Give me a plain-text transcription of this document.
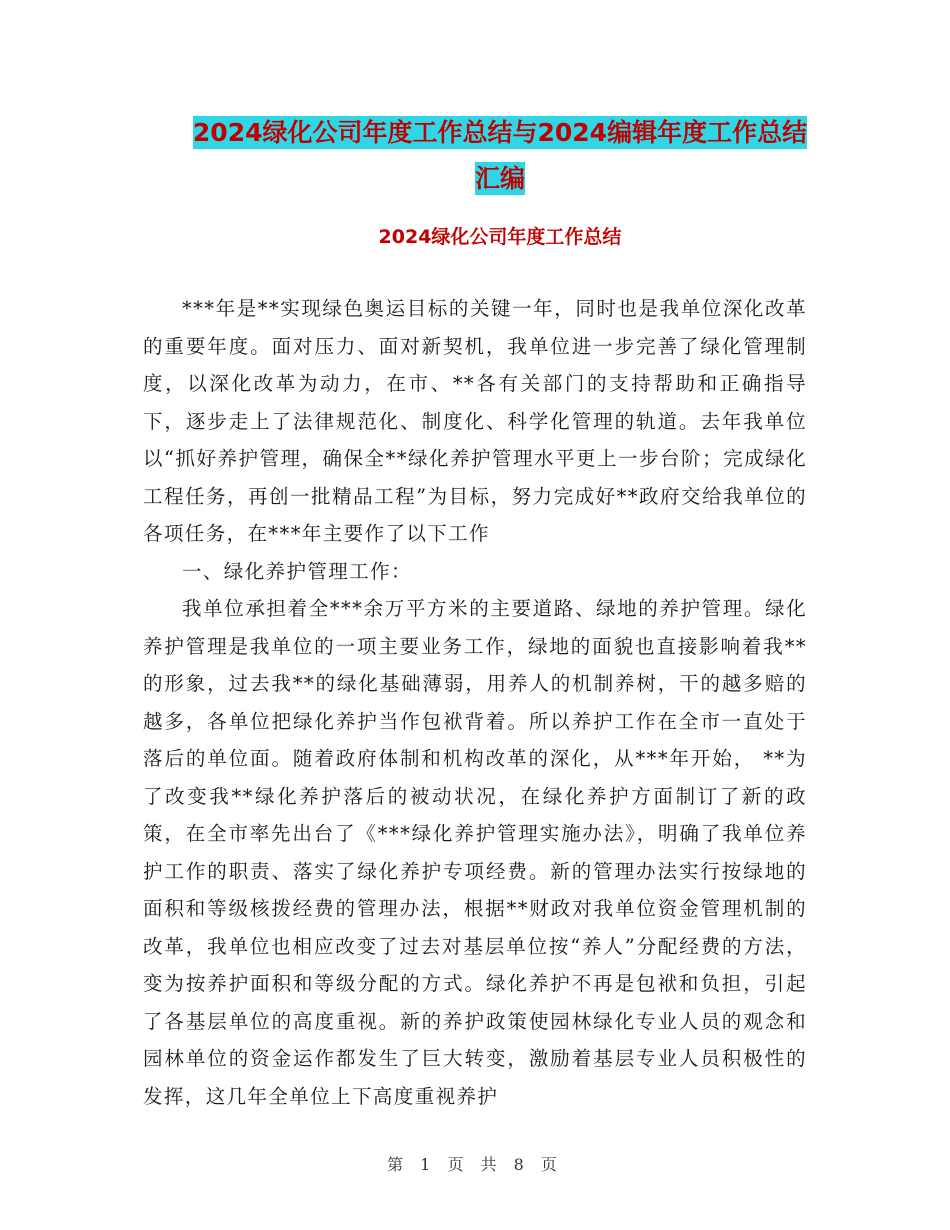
2024绿化公司年度工作总结与2024编辑年度工作总结
汇编
2024绿化公司年度工作总结

***年是**实现绿色奥运目标的关键一年，同时也是我单位深化改革的重要年度。面对压力、面对新契机，我单位进一步完善了绿化管理制度，以深化改革为动力，在市、**各有关部门的支持帮助和正确指导下，逐步走上了法律规范化、制度化、科学化管理的轨道。去年我单位以“抓好养护管理，确保全**绿化养护管理水平更上一步台阶；完成绿化工程任务，再创一批精品工程”为目标，努力完成好**政府交给我单位的各项任务，在***年主要作了以下工作

一、绿化养护管理工作：

我单位承担着全***余万平方米的主要道路、绿地的养护管理。绿化养护管理是我单位的一项主要业务工作，绿地的面貌也直接影响着我**的形象，过去我**的绿化基础薄弱，用养人的机制养树，干的越多赔的越多，各单位把绿化养护当作包袱背着。所以养护工作在全市一直处于落后的单位面。随着政府体制和机构改革的深化，从***年开始， **为了改变我**绿化养护落后的被动状况，在绿化养护方面制订了新的政策，在全市率先出台了《***绿化养护管理实施办法》，明确了我单位养护工作的职责、落实了绿化养护专项经费。新的管理办法实行按绿地的面积和等级核拨经费的管理办法，根据**财政对我单位资金管理机制的改革，我单位也相应改变了过去对基层单位按“养人”分配经费的方法，变为按养护面积和等级分配的方式。绿化养护不再是包袱和负担，引起了各基层单位的高度重视。新的养护政策使园林绿化专业人员的观念和园林单位的资金运作都发生了巨大转变，激励着基层专业人员积极性的发挥，这几年全单位上下高度重视养护

第 1 页 共 8 页
